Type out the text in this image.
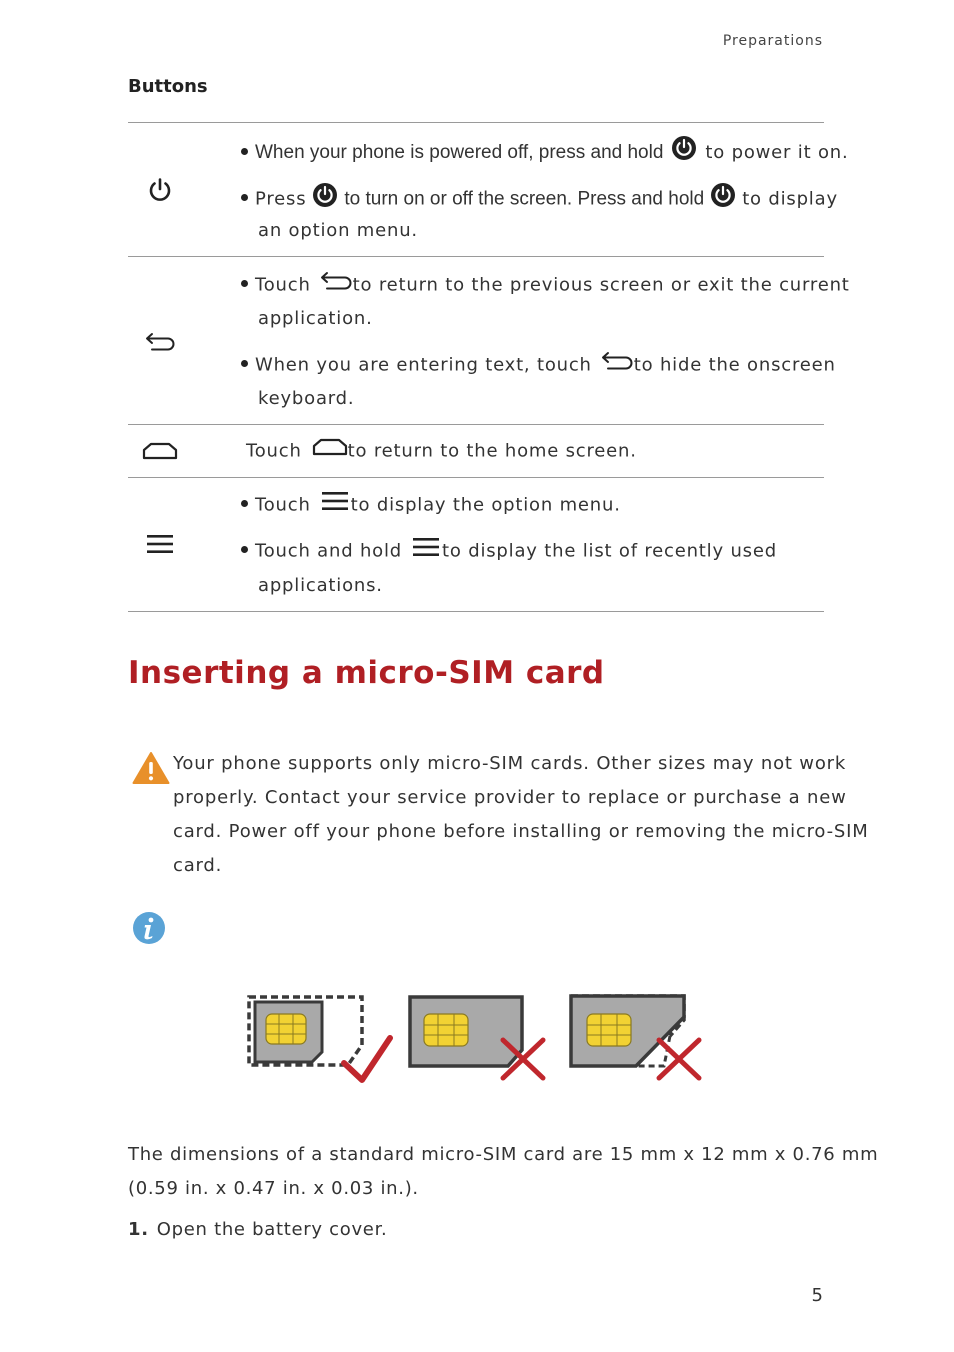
Preparations
Buttons
When your phone is powered off, press and hold to power it on.
Press to turn on or off the screen. Press and hold to display
an option menu.
Touch to return to the previous screen or exit the current
application.
When you are entering text, touch to hide the onscreen
keyboard.
Touch	to return to the home screen.
Touch to display the option menu.
Touch and hold to display the list of recently used
applications.
Inserting a micro-SIM card
Your phone supports only micro-SIM cards. Other sizes may not work
properly. Contact your service provider to replace or purchase a new
card. Power off your phone before installing or removing the micro-SIM
card.
The dimensions of a standard micro-SIM card are 15 mm x 12 mm x 0.76 mm
(0.59 in. x 0.47 in. x 0.03 in.).
1. Open the battery cover.
5
